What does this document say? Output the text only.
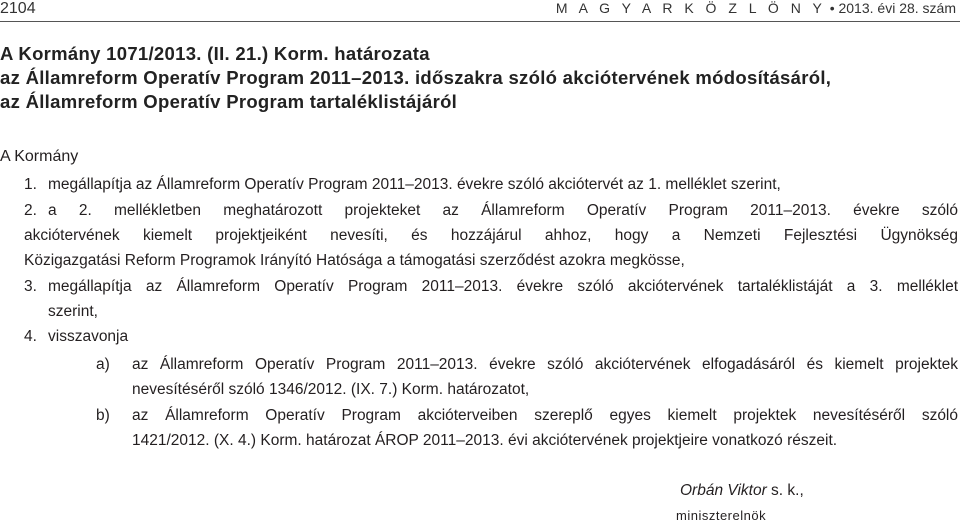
2104	M A G Y A R K Ö Z L Ö N Y • 2013. évi 28. szám
A Kormány 1071/2013. (II. 21.) Korm. határozata
az Államreform Operatív Program 2011–2013. időszakra szóló akciótervének módosításáról,
az Államreform Operatív Program tartaléklistájáról
A Kormány
1. megállapítja az Államreform Operatív Program 2011–2013. évekre szóló akciótervét az 1. melléklet szerint,
2. a 2. mellékletben meghatározott projekteket az Államreform Operatív Program 2011–2013. évekre szóló
akciótervének kiemelt projektjeiként nevesíti, és hozzájárul ahhoz, hogy a Nemzeti Fejlesztési Ügynökség
Közigazgatási Reform Programok Irányító Hatósága a támogatási szerződést azokra megkösse,
3. megállapítja az Államreform Operatív Program 2011–2013. évekre szóló akciótervének tartaléklistáját a 3. melléklet
szerint,
4. visszavonja
a) az Államreform Operatív Program 2011–2013. évekre szóló akciótervének elfogadásáról és kiemelt projektek
nevesítéséről szóló 1346/2012. (IX. 7.) Korm. határozatot,
b) az Államreform Operatív Program akcióterveiben szereplő egyes kiemelt projektek nevesítéséről szóló
1421/2012. (X. 4.) Korm. határozat ÁROP 2011–2013. évi akciótervének projektjeire vonatkozó részeit.
Orbán Viktor s. k.,
miniszterelnök
